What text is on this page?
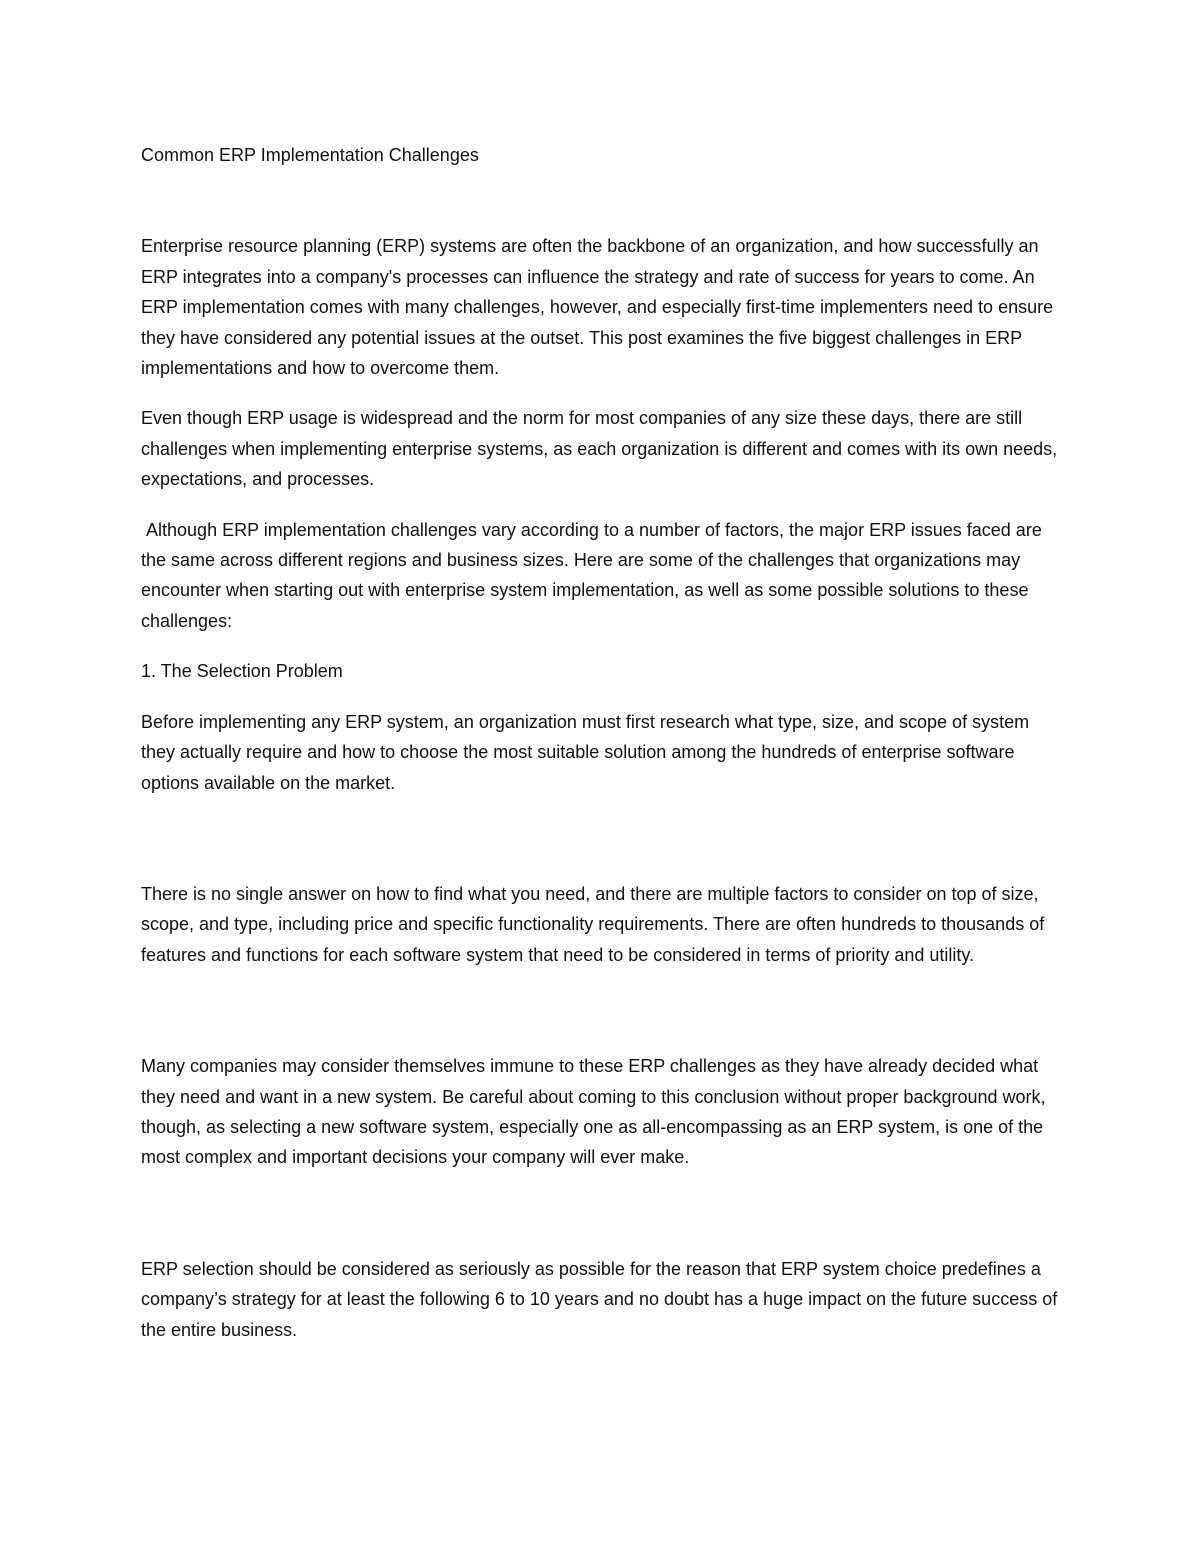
Common ERP Implementation Challenges

Enterprise resource planning (ERP) systems are often the backbone of an organization, and how successfully an ERP integrates into a company's processes can influence the strategy and rate of success for years to come. An ERP implementation comes with many challenges, however, and especially first-time implementers need to ensure they have considered any potential issues at the outset. This post examines the five biggest challenges in ERP implementations and how to overcome them.

Even though ERP usage is widespread and the norm for most companies of any size these days, there are still challenges when implementing enterprise systems, as each organization is different and comes with its own needs, expectations, and processes.

Although ERP implementation challenges vary according to a number of factors, the major ERP issues faced are the same across different regions and business sizes. Here are some of the challenges that organizations may encounter when starting out with enterprise system implementation, as well as some possible solutions to these challenges:

1. The Selection Problem

Before implementing any ERP system, an organization must first research what type, size, and scope of system they actually require and how to choose the most suitable solution among the hundreds of enterprise software options available on the market.

There is no single answer on how to find what you need, and there are multiple factors to consider on top of size, scope, and type, including price and specific functionality requirements. There are often hundreds to thousands of features and functions for each software system that need to be considered in terms of priority and utility.

Many companies may consider themselves immune to these ERP challenges as they have already decided what they need and want in a new system. Be careful about coming to this conclusion without proper background work, though, as selecting a new software system, especially one as all-encompassing as an ERP system, is one of the most complex and important decisions your company will ever make.

ERP selection should be considered as seriously as possible for the reason that ERP system choice predefines a company’s strategy for at least the following 6 to 10 years and no doubt has a huge impact on the future success of the entire business.
